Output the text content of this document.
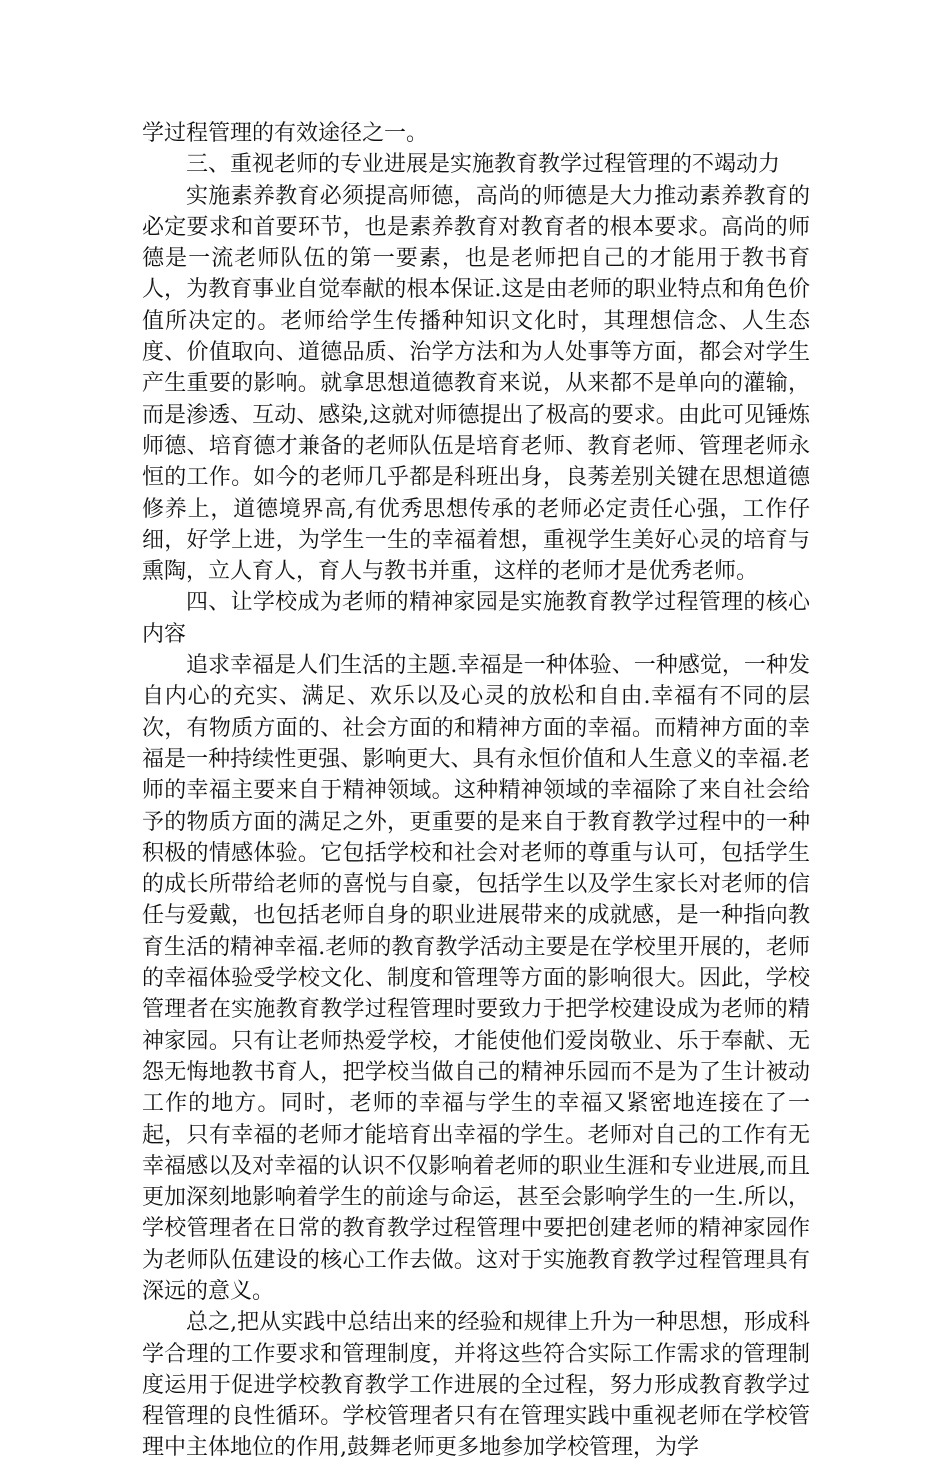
学过程管理的有效途径之一。

三、重视老师的专业进展是实施教育教学过程管理的不竭动力

实施素养教育必须提高师德，高尚的师德是大力推动素养教育的必定要求和首要环节，也是素养教育对教育者的根本要求。高尚的师德是一流老师队伍的第一要素，也是老师把自己的才能用于教书育人，为教育事业自觉奉献的根本保证.这是由老师的职业特点和角色价值所决定的。老师给学生传播种知识文化时，其理想信念、人生态度、价值取向、道德品质、治学方法和为人处事等方面，都会对学生产生重要的影响。就拿思想道德教育来说，从来都不是单向的灌输，而是渗透、互动、感染,这就对师德提出了极高的要求。由此可见锤炼师德、培育德才兼备的老师队伍是培育老师、教育老师、管理老师永恒的工作。如今的老师几乎都是科班出身，良莠差别关键在思想道德修养上，道德境界高,有优秀思想传承的老师必定责任心强，工作仔细，好学上进，为学生一生的幸福着想，重视学生美好心灵的培育与熏陶，立人育人，育人与教书并重，这样的老师才是优秀老师。

四、让学校成为老师的精神家园是实施教育教学过程管理的核心内容

追求幸福是人们生活的主题.幸福是一种体验、一种感觉，一种发自内心的充实、满足、欢乐以及心灵的放松和自由.幸福有不同的层次，有物质方面的、社会方面的和精神方面的幸福。而精神方面的幸福是一种持续性更强、影响更大、具有永恒价值和人生意义的幸福.老师的幸福主要来自于精神领域。这种精神领域的幸福除了来自社会给予的物质方面的满足之外，更重要的是来自于教育教学过程中的一种积极的情感体验。它包括学校和社会对老师的尊重与认可，包括学生的成长所带给老师的喜悦与自豪，包括学生以及学生家长对老师的信任与爱戴，也包括老师自身的职业进展带来的成就感，是一种指向教育生活的精神幸福.老师的教育教学活动主要是在学校里开展的，老师的幸福体验受学校文化、制度和管理等方面的影响很大。因此，学校管理者在实施教育教学过程管理时要致力于把学校建设成为老师的精神家园。只有让老师热爱学校，才能使他们爱岗敬业、乐于奉献、无怨无悔地教书育人，把学校当做自己的精神乐园而不是为了生计被动工作的地方。同时，老师的幸福与学生的幸福又紧密地连接在了一起，只有幸福的老师才能培育出幸福的学生。老师对自己的工作有无幸福感以及对幸福的认识不仅影响着老师的职业生涯和专业进展,而且更加深刻地影响着学生的前途与命运，甚至会影响学生的一生.所以，学校管理者在日常的教育教学过程管理中要把创建老师的精神家园作为老师队伍建设的核心工作去做。这对于实施教育教学过程管理具有深远的意义。

总之,把从实践中总结出来的经验和规律上升为一种思想，形成科学合理的工作要求和管理制度，并将这些符合实际工作需求的管理制度运用于促进学校教育教学工作进展的全过程，努力形成教育教学过程管理的良性循环。学校管理者只有在管理实践中重视老师在学校管理中主体地位的作用,鼓舞老师更多地参加学校管理，为学
